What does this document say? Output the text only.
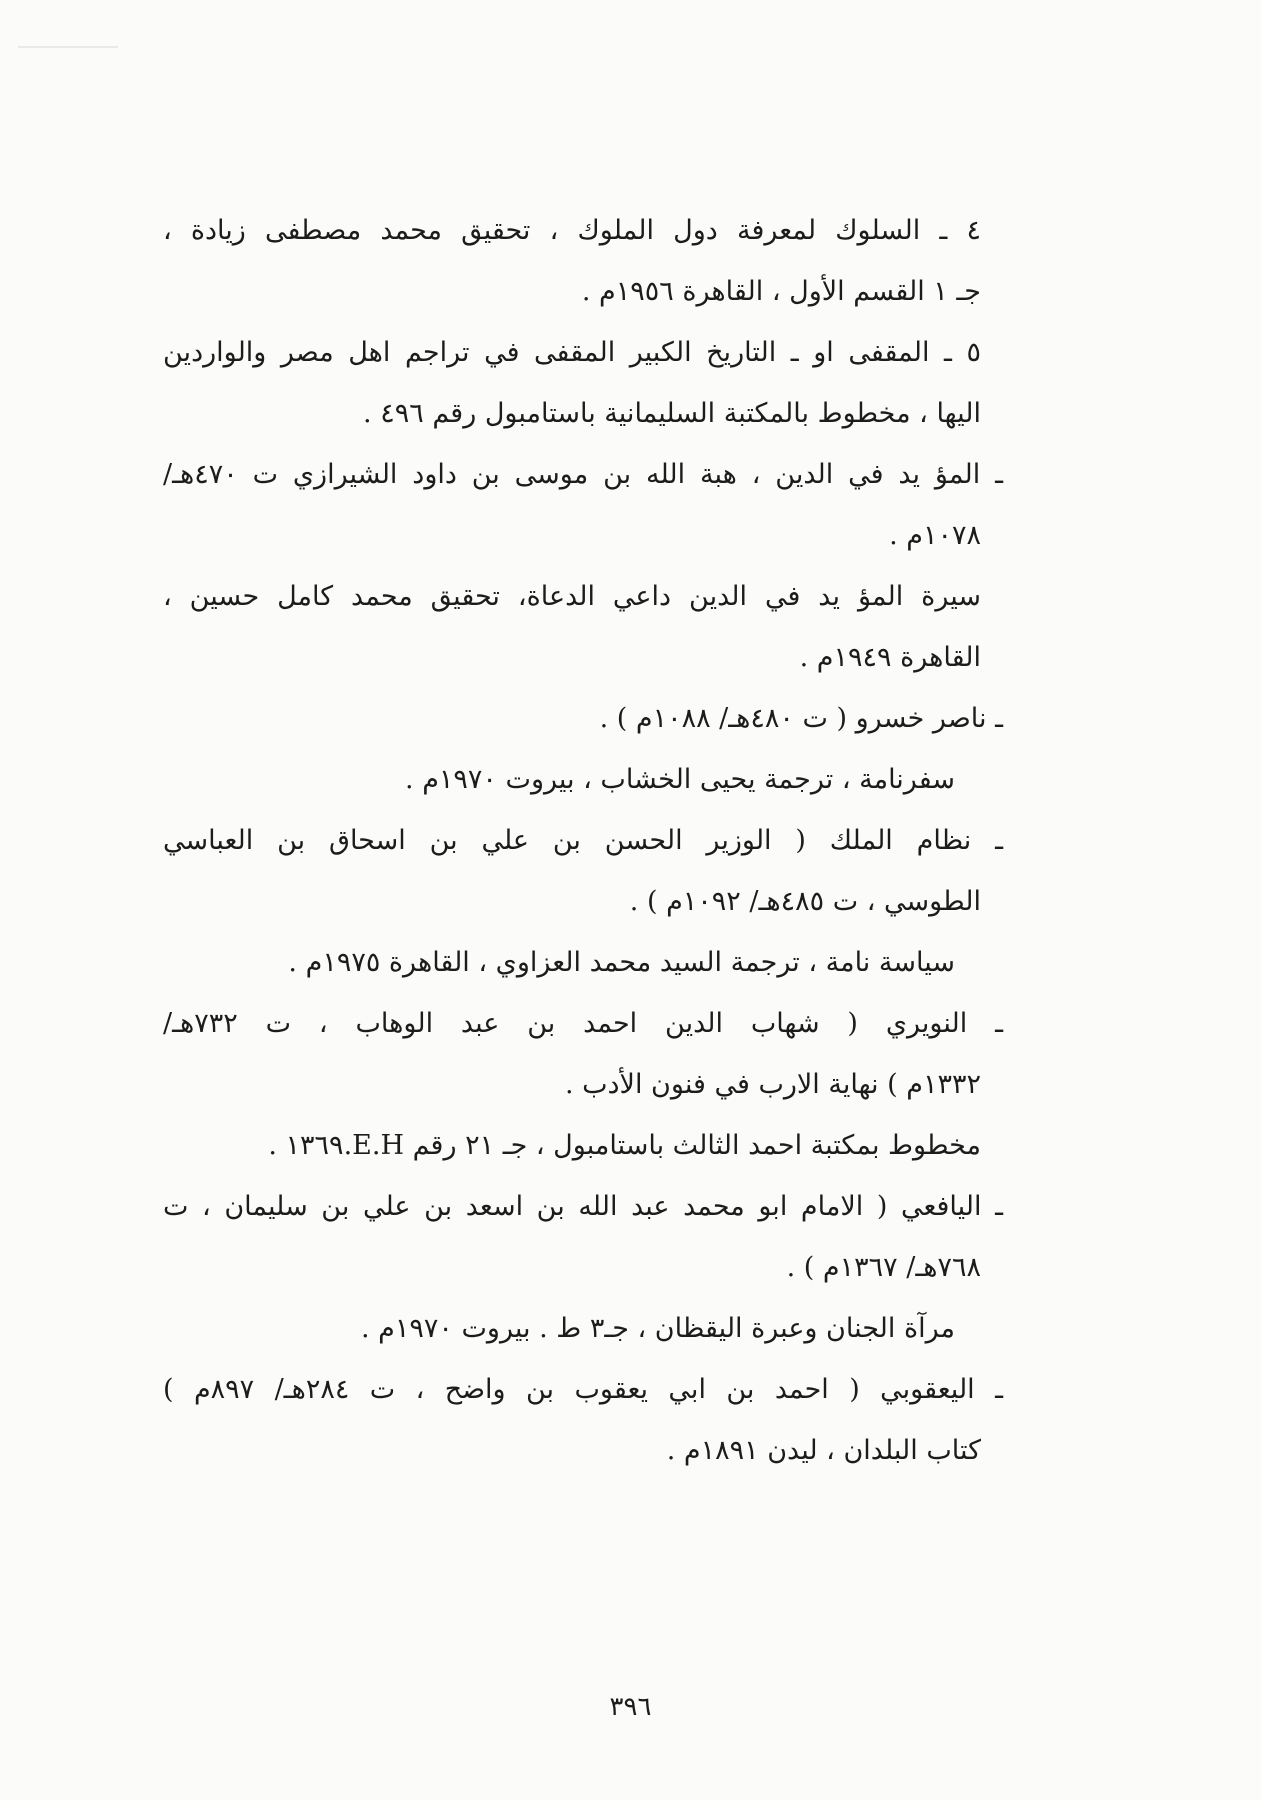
٤ ـ السلوك لمعرفة دول الملوك ، تحقيق محمد مصطفى زيادة ،
جـ ١ القسم الأول ، القاهرة ١٩٥٦م .
٥ ـ المقفى او ـ التاريخ الكبير المقفى في تراجم اهل مصر والواردين
اليها ، مخطوط بالمكتبة السليمانية باستامبول رقم ٤٩٦ .
ـ المؤ يد في الدين ، هبة الله بن موسى بن داود الشيرازي ت ٤٧٠هـ/
١٠٧٨م .
سيرة المؤ يد في الدين داعي الدعاة، تحقيق محمد كامل حسين ،
القاهرة ١٩٤٩م .
ـ ناصر خسرو ( ت ٤٨٠هـ/ ١٠٨٨م ) .
سفرنامة ، ترجمة يحيى الخشاب ، بيروت ١٩٧٠م .
ـ نظام الملك ( الوزير الحسن بن علي بن اسحاق بن العباسي
الطوسي ، ت ٤٨٥هـ/ ١٠٩٢م ) .
سياسة نامة ، ترجمة السيد محمد العزاوي ، القاهرة ١٩٧٥م .
ـ النويري ( شهاب الدين احمد بن عبد الوهاب ، ت ٧٣٢هـ/
١٣٣٢م ) نهاية الارب في فنون الأدب .
مخطوط بمكتبة احمد الثالث باستامبول ، جـ ٢١ رقم E.H.١٣٦٩ .
ـ اليافعي ( الامام ابو محمد عبد الله بن اسعد بن علي بن سليمان ، ت
٧٦٨هـ/ ١٣٦٧م ) .
مرآة الجنان وعبرة اليقظان ، جـ٣ ط . بيروت ١٩٧٠م .
ـ اليعقوبي ( احمد بن ابي يعقوب بن واضح ، ت ٢٨٤هـ/ ٨٩٧م )
كتاب البلدان ، ليدن ١٨٩١م .
٣٩٦
